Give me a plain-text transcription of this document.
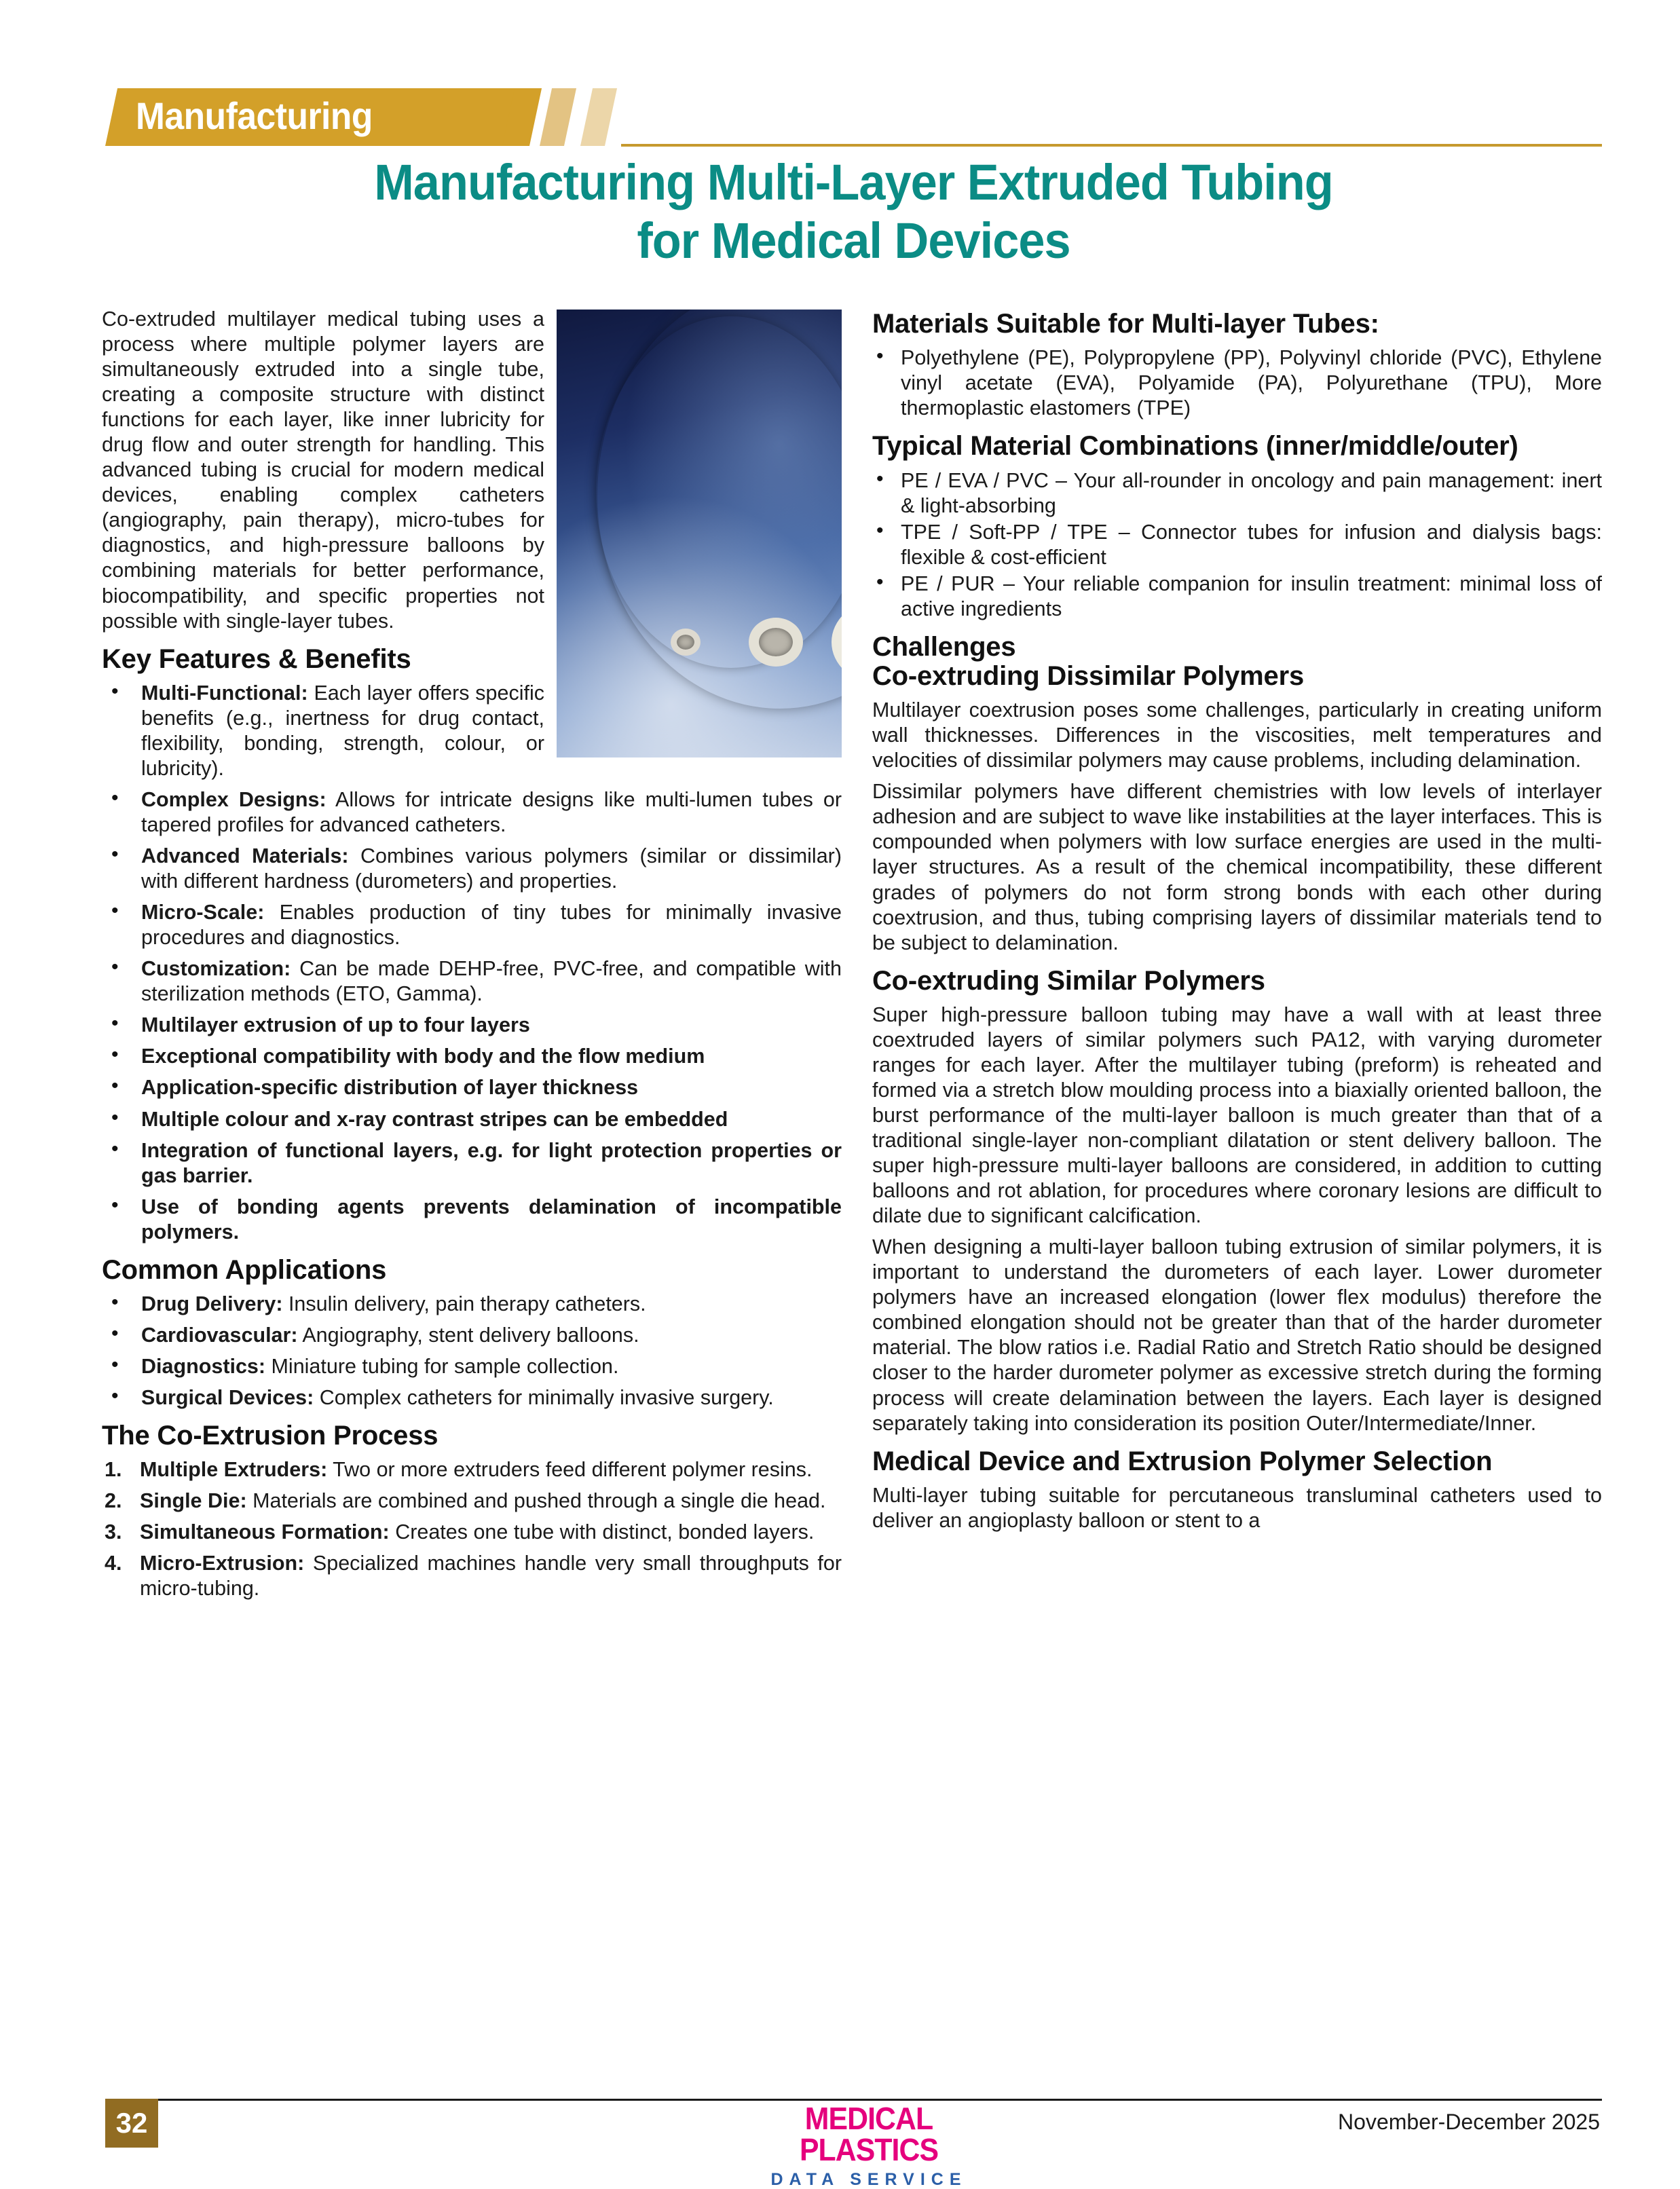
Manufacturing
Manufacturing Multi-Layer Extruded Tubing
for Medical Devices

Co-extruded multilayer medical tubing uses a process where multiple polymer layers are simultaneously extruded into a single tube, creating a composite structure with distinct functions for each layer, like inner lubricity for drug flow and outer strength for handling. This advanced tubing is crucial for modern medical devices, enabling complex catheters (angiography, pain therapy), micro-tubes for diagnostics, and high-pressure balloons by combining materials for better performance, biocompatibility, and specific properties not possible with single-layer tubes.

Key Features & Benefits
• Multi-Functional: Each layer offers specific benefits (e.g., inertness for drug contact, flexibility, bonding, strength, colour, or lubricity).
• Complex Designs: Allows for intricate designs like multi-lumen tubes or tapered profiles for advanced catheters.
• Advanced Materials: Combines various polymers (similar or dissimilar) with different hardness (durometers) and properties.
• Micro-Scale: Enables production of tiny tubes for minimally invasive procedures and diagnostics.
• Customization: Can be made DEHP-free, PVC-free, and compatible with sterilization methods (ETO, Gamma).
• Multilayer extrusion of up to four layers
• Exceptional compatibility with body and the flow medium
• Application-specific distribution of layer thickness
• Multiple colour and x-ray contrast stripes can be embedded
• Integration of functional layers, e.g. for light protection properties or gas barrier.
• Use of bonding agents prevents delamination of incompatible polymers.
Common Applications
• Drug Delivery: Insulin delivery, pain therapy catheters.
• Cardiovascular: Angiography, stent delivery balloons.
• Diagnostics: Miniature tubing for sample collection.
• Surgical Devices: Complex catheters for minimally invasive surgery.
The Co-Extrusion Process
Multiple Extruders: Two or more extruders feed different polymer resins.
Single Die: Materials are combined and pushed through a single die head.
Simultaneous Formation: Creates one tube with distinct, bonded layers.
Micro-Extrusion: Specialized machines handle very small throughputs for micro-tubing.
Materials Suitable for Multi-layer Tubes:
• Polyethylene (PE), Polypropylene (PP), Polyvinyl chloride (PVC), Ethylene vinyl acetate (EVA), Polyamide (PA), Polyurethane (TPU), More thermoplastic elastomers (TPE)
Typical Material Combinations (inner/middle/outer)
• PE / EVA / PVC – Your all-rounder in oncology and pain management: inert & light-absorbing
• TPE / Soft-PP / TPE – Connector tubes for infusion and dialysis bags: flexible & cost-efficient
• PE / PUR – Your reliable companion for insulin treatment: minimal loss of active ingredients
Challenges
Co-extruding Dissimilar Polymers

Multilayer coextrusion poses some challenges, particularly in creating uniform wall thicknesses. Differences in the viscosities, melt temperatures and velocities of dissimilar polymers may cause problems, including delamination.

Dissimilar polymers have different chemistries with low levels of interlayer adhesion and are subject to wave like instabilities at the layer interfaces. This is compounded when polymers with low surface energies are used in the multi-layer structures. As a result of the chemical incompatibility, these different grades of polymers do not form strong bonds with each other during coextrusion, and thus, tubing comprising layers of dissimilar materials tend to be subject to delamination.

Co-extruding Similar Polymers

Super high-pressure balloon tubing may have a wall with at least three coextruded layers of similar polymers such PA12, with varying durometer ranges for each layer. After the multilayer tubing (preform) is reheated and formed via a stretch blow moulding process into a biaxially oriented balloon, the burst performance of the multi-layer balloon is much greater than that of a traditional single-layer non-compliant dilatation or stent delivery balloon. The super high-pressure multi-layer balloons are considered, in addition to cutting balloons and rot ablation, for procedures where coronary lesions are difficult to dilate due to significant calcification.

When designing a multi-layer balloon tubing extrusion of similar polymers, it is important to understand the durometers of each layer. Lower durometer polymers have an increased elongation (lower flex modulus) therefore the combined elongation should not be greater than that of the harder durometer material. The blow ratios i.e. Radial Ratio and Stretch Ratio should be designed closer to the harder durometer polymer as excessive stretch during the forming process will create delamination between the layers. Each layer is designed separately taking into consideration its position Outer/Intermediate/Inner.

Medical Device and Extrusion Polymer Selection

Multi-layer tubing suitable for percutaneous transluminal catheters used to deliver an angioplasty balloon or stent to a

32	MEDICAL PLASTICS
DATA SERVICE
November-December 2025
